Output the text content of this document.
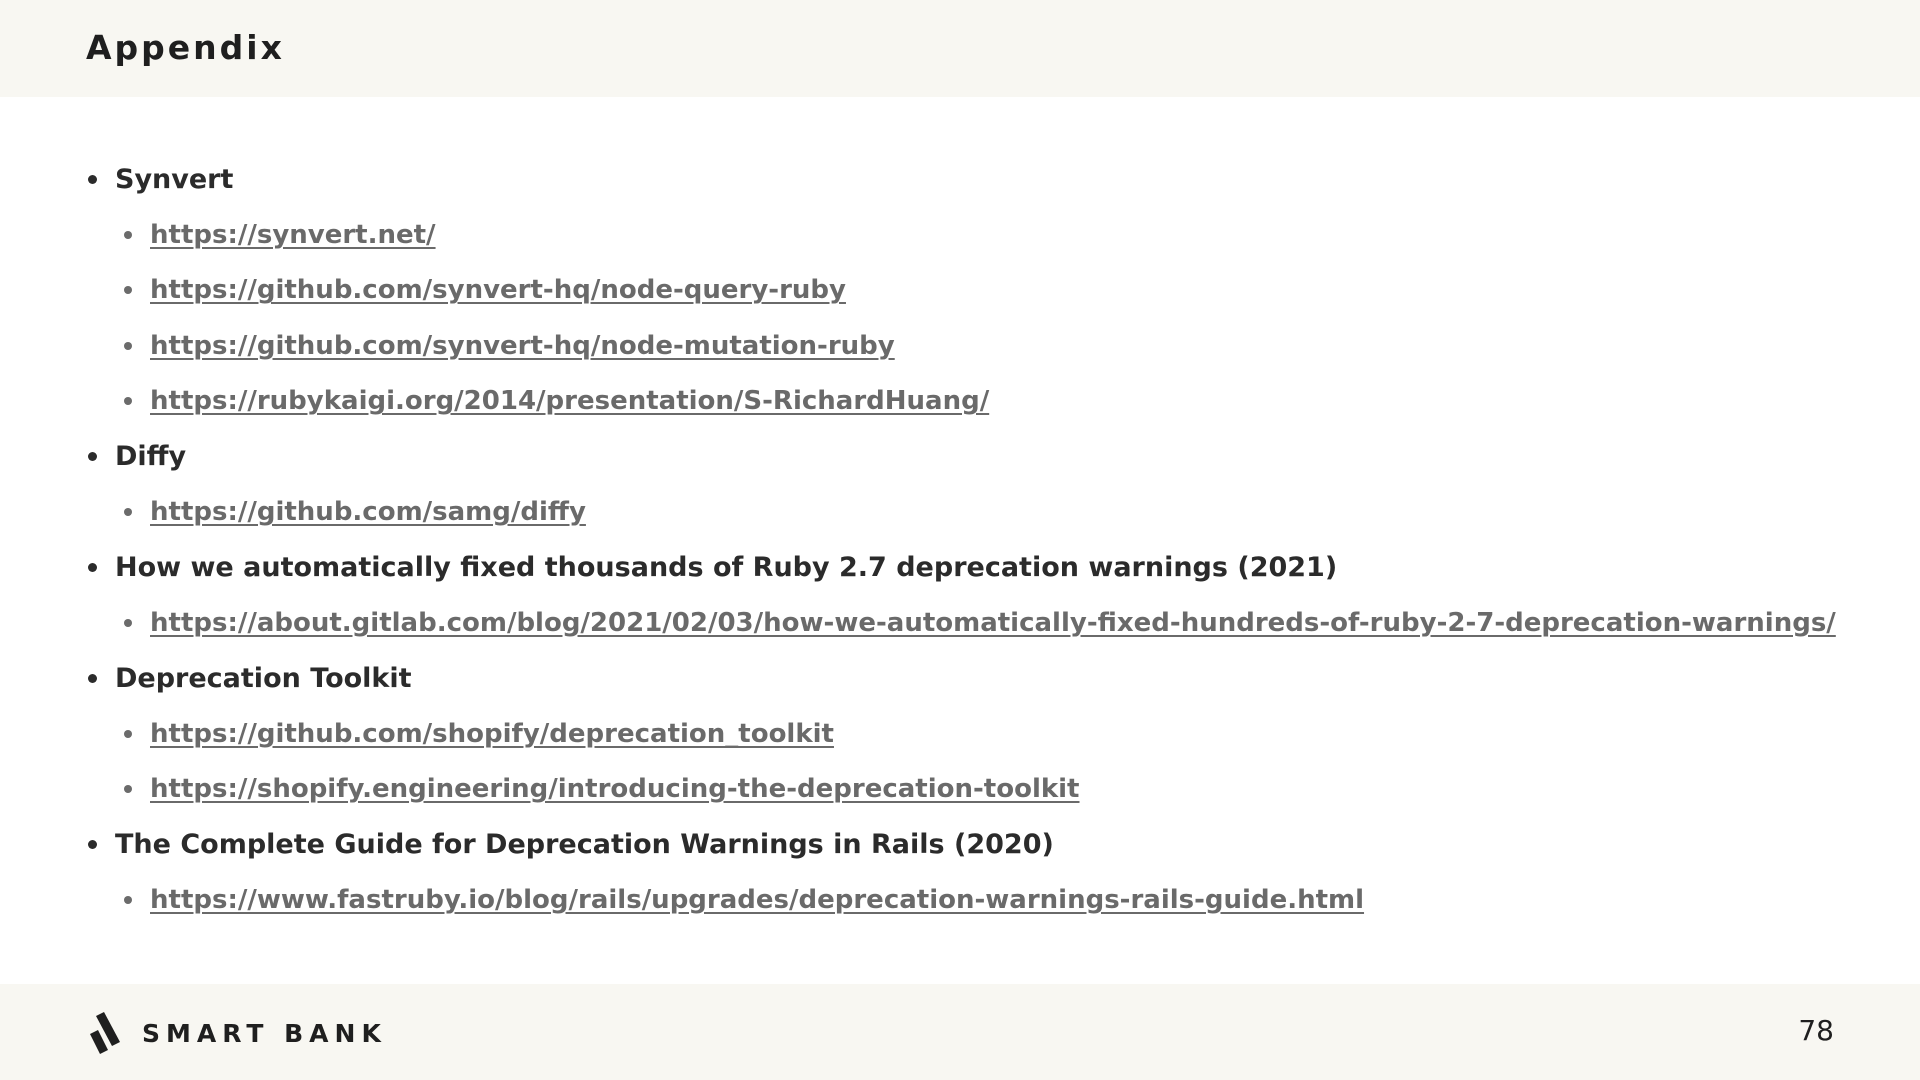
Appendix
Synvert
https://synvert.net/
https://github.com/synvert-hq/node-query-ruby
https://github.com/synvert-hq/node-mutation-ruby
https://rubykaigi.org/2014/presentation/S-RichardHuang/
Diffy
https://github.com/samg/diffy
How we automatically fixed thousands of Ruby 2.7 deprecation warnings (2021)
https://about.gitlab.com/blog/2021/02/03/how-we-automatically-fixed-hundreds-of-ruby-2-7-deprecation-warnings/
Deprecation Toolkit
https://github.com/shopify/deprecation_toolkit
https://shopify.engineering/introducing-the-deprecation-toolkit
The Complete Guide for Deprecation Warnings in Rails (2020)
https://www.fastruby.io/blog/rails/upgrades/deprecation-warnings-rails-guide.html
SMART BANK	78
